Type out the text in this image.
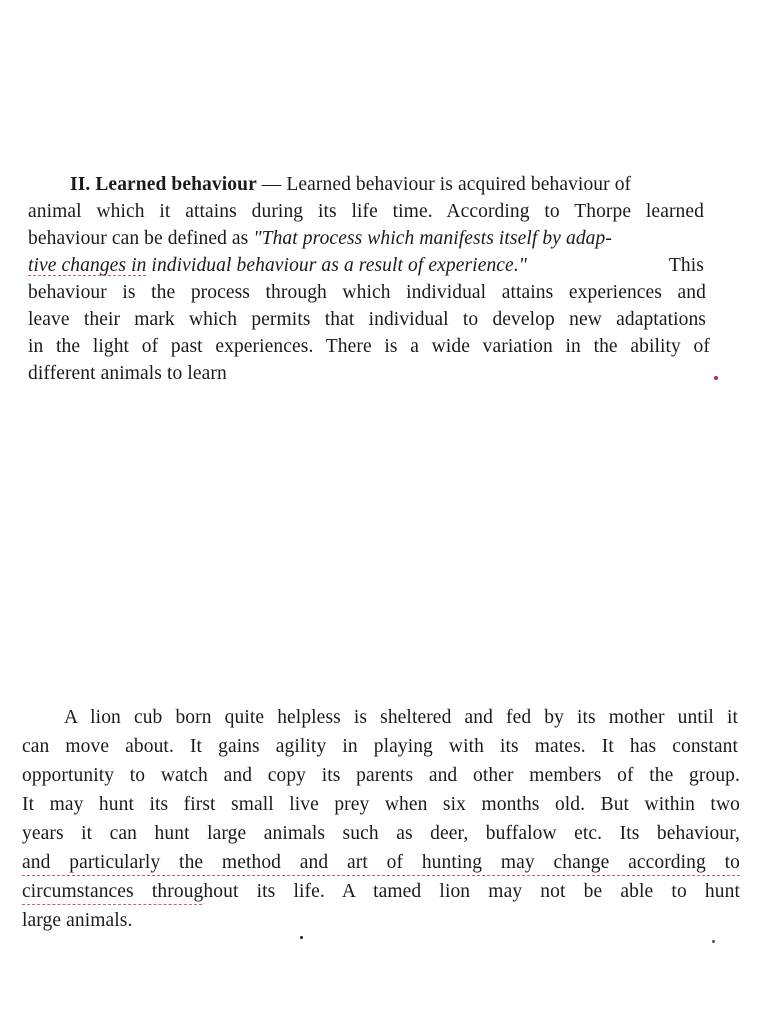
II. Learned behaviour — Learned behaviour is acquired behaviour of
animal which it attains during its life time. According to Thorpe learned
behaviour can be defined as "That process which manifests itself by adap-
tive changes in individual behaviour as a result of experience."	This
behaviour is the process through which individual attains experiences and
leave their mark which permits that individual to develop new adaptations
in the light of past experiences. There is a wide variation in the ability of
different animals to learn
A lion cub born quite helpless is sheltered and fed by its mother until it
can move about. It gains agility in playing with its mates. It has constant
opportunity to watch and copy its parents and other members of the group.
It may hunt its first small live prey when six months old. But within two
years it can hunt large animals such as deer, buffalow etc. Its behaviour,
and particularly the method and art of hunting may change according to
circumstances throughout its life. A tamed lion may not be able to hunt
large animals.
